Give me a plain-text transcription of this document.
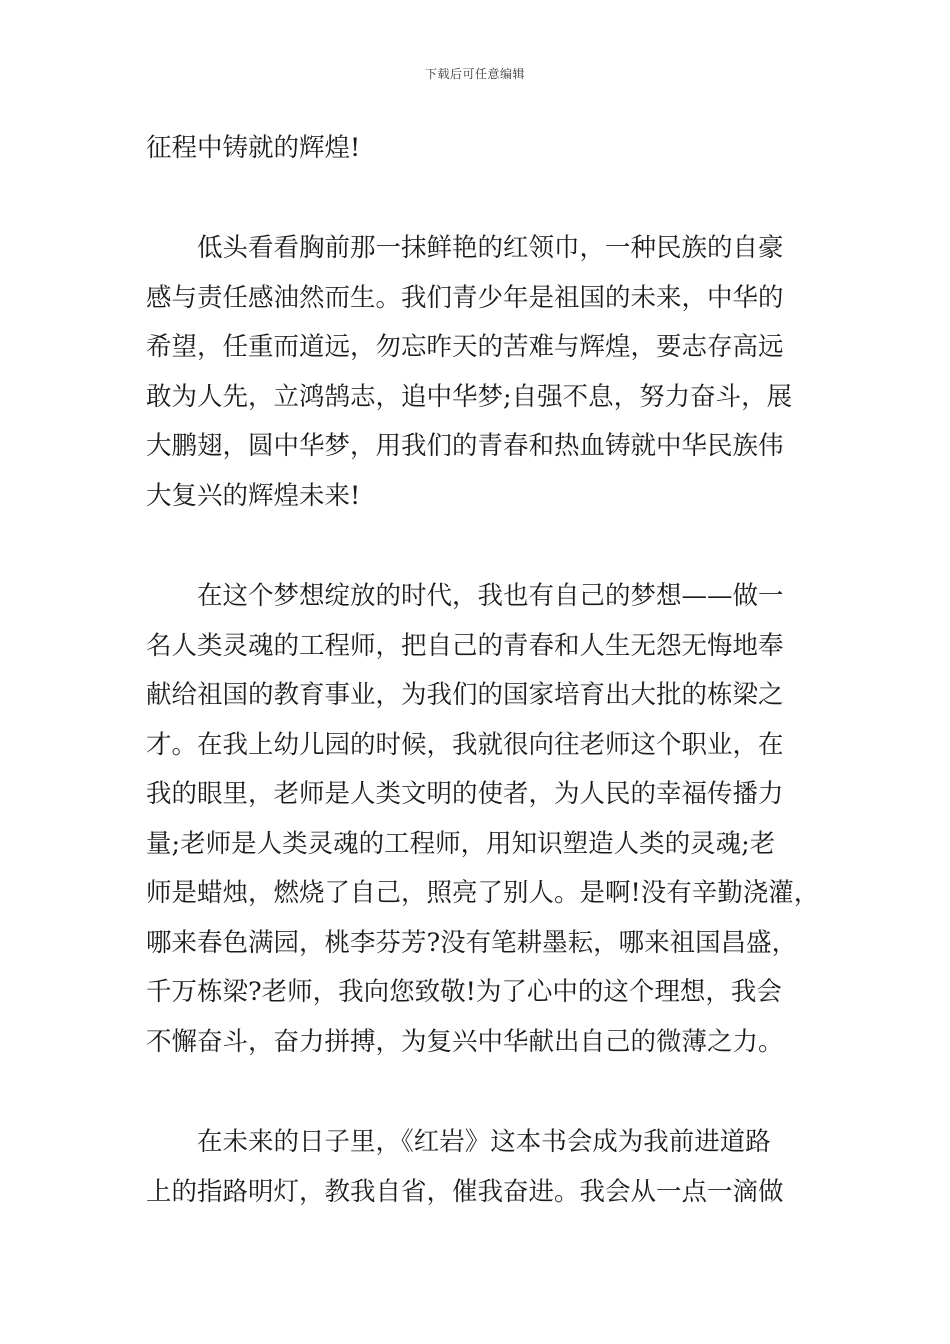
下载后可任意编辑
征程中铸就的辉煌!
　　低头看看胸前那一抹鲜艳的红领巾，一种民族的自豪
感与责任感油然而生。我们青少年是祖国的未来，中华的
希望，任重而道远，勿忘昨天的苦难与辉煌，要志存高远
敢为人先，立鸿鹄志，追中华梦;自强不息，努力奋斗，展
大鹏翅，圆中华梦，用我们的青春和热血铸就中华民族伟
大复兴的辉煌未来!
　　在这个梦想绽放的时代，我也有自己的梦想——做一
名人类灵魂的工程师，把自己的青春和人生无怨无悔地奉
献给祖国的教育事业，为我们的国家培育出大批的栋梁之
才。在我上幼儿园的时候，我就很向往老师这个职业，在
我的眼里，老师是人类文明的使者，为人民的幸福传播力
量;老师是人类灵魂的工程师，用知识塑造人类的灵魂;老
师是蜡烛，燃烧了自己，照亮了别人。是啊!没有辛勤浇灌，
哪来春色满园，桃李芬芳?没有笔耕墨耘，哪来祖国昌盛，
千万栋梁?老师，我向您致敬!为了心中的这个理想，我会
不懈奋斗，奋力拼搏，为复兴中华献出自己的微薄之力。
　　在未来的日子里，《红岩》这本书会成为我前进道路
上的指路明灯，教我自省，催我奋进。我会从一点一滴做
